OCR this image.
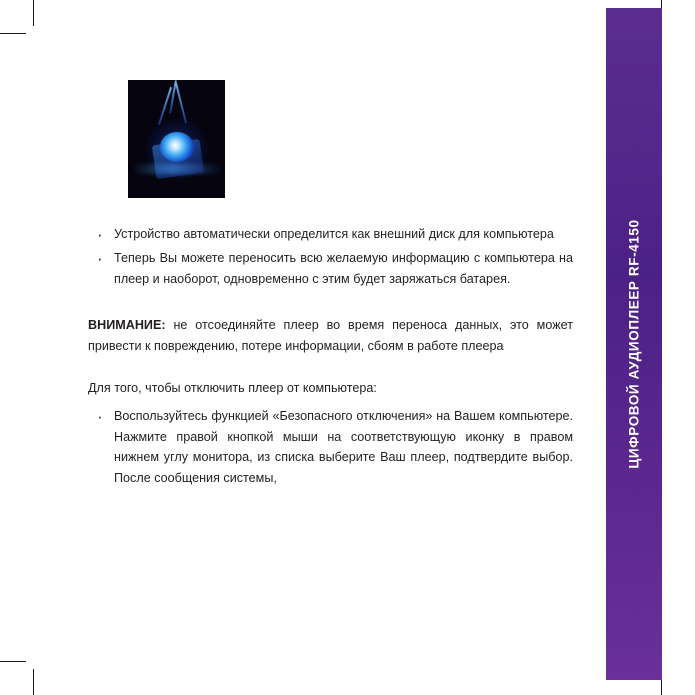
ЦИФРОВОЙ АУДИОПЛЕЕР RF-4150
· Устройство автоматически определится как внешний диск для компьютера
· Теперь Вы можете переносить всю желаемую информацию с компьютера на плеер и наоборот, одновременно с этим будет заряжаться батарея.

ВНИМАНИЕ: не отсоединяйте плеер во время переноса данных, это может привести к повреждению, потере информации, сбоям в работе плеера

Для того, чтобы отключить плеер от компьютера:

· Воспользуйтесь функцией «Безопасного отключения» на Вашем компьютере. Нажмите правой кнопкой мыши на соответствующую иконку в правом нижнем углу монитора, из списка выберите Ваш плеер, подтвердите выбор. После сообщения системы,
